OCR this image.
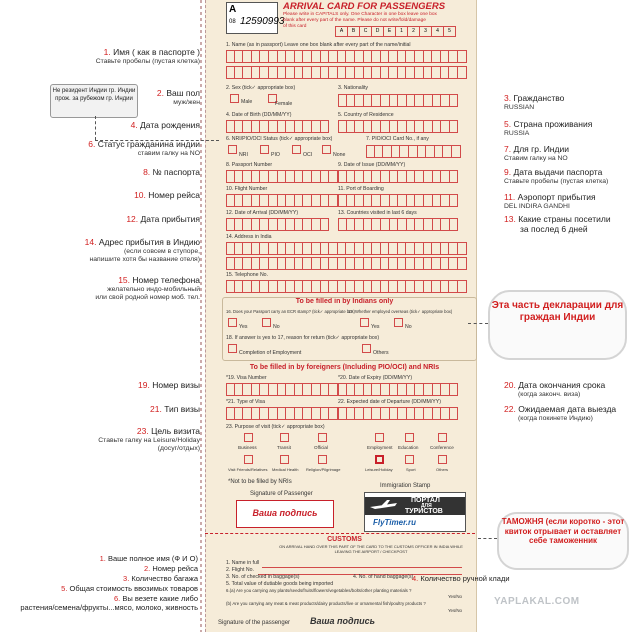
A
08 12590993
ARRIVAL CARD FOR PASSENGERS
Please write in CAPITALS only. One Character in one box leave one box
blank after every part of the name. Please do not write/fold/damage
of this card
A	B	C	D	E	1	2	3	4	5
1. Name (as in passport) Leave one box blank after every part of the name/initial
2. Sex (tick✓ appropriate box)
Male	Female
3. Nationality
4. Date of Birth (DD/MM/YY)	5. Country of Residence
6. NRI/PIO/OCI Status (tick✓ appropriate box)
NRI	PIO	OCI	None
7. PIO/OCI Card No., if any
8. Passport Number	9. Date of Issue (DD/MM/YY)
10. Flight Number	11. Port of Boarding
12. Date of Arrival (DD/MM/YY)	13. Countries visited in last 6 days
14. Address in India
15. Telephone No.
To be filled in by Indians only
16. Does your Passport carry an ECR stamp? (tick✓ appropriate box)
17. Whether employed overseas (tick✓ appropriate box)
Yes	No	Yes	No
18. If answer is yes to 17, reason for return (tick✓ appropriate box)
Completion of Employment	Others
To be filled in by foreigners (Including PIO/OCI) and NRIs
*19. Visa Number	*20. Date of Expiry (DD/MM/YY)
*21. Type of Visa	22. Expected date of Departure (DD/MM/YY)
23. Purpose of visit (tick✓ appropriate box)
Business	Transit	Official	Employment Education	Conference
Visit Friends/Relatives Medical Health Religion/Pilgrimage	Leisure/Holiday	Sport	Others
*Not to be filled by NRIs
Signature of Passenger
Immigration Stamp
Ваша подпись
ПОРТАЛ
ДЛЯ
ТУРИСТОВ
FlyTimer.ru
CUSTOMS
ON ARRIVAL HAND OVER THIS PART OF THE CARD TO THE CUSTOMS OFFICER IN INDIA WHILE LEAVING THE AIRPORT / CHECKPOST
1. Name in full
2. Flight No.
3. No. of checked in baggage(s)	4. No. of hand baggage(s)
5. Total value of dutiable goods being imported
6.(a) Are you carrying any plants/seeds/fruits/flowers/vegetables/bolts/other planting materials ?
Yes/No
(b) Are you carrying any meat & meat products/dairy products/live or ornamental fish/poultry products ?
Yes/No
Signature of the passenger Ваша подпись
1. Имя ( как в паспорте )
Ставьте пробелы (пустая клетка)
Не резидент Индии гр. Индии прож. за рубежом гр. Индии
2. Ваш пол
муж/жен
4. Дата рождения
6. Статус гражданина индии
ставим галку на NO
8. № паспорта
10. Номер рейса
12. Дата прибытия
14. Адрес прибытия в Индию
(если совсем в ступоре,
напишите хотя бы название отеля)
15. Номер телефона
желательно индо-мобильный
или свой родной номер моб. тел.
19. Номер визы
21. Тип визы
23. Цель визита
Ставьте галку на Leisure/Holiday
(досуг/отдых)
3. Гражданство
RUSSIAN
5. Страна проживания
RUSSIA
7. Для гр. Индии
Ставим галку на NO
9. Дата выдачи паспорта
Ставьте пробелы (пустая клетка)
11. Аэропорт прибытия
DEL INDIRA GANDHI
13. Какие страны посетили
за послед 6 дней
Эта часть декларации для граждан Индии
20. Дата окончания срока
(когда законч. виза)
22. Ожидаемая дата выезда
(когда покинете Индию)
ТАМОЖНЯ (если коротко - этот квиток отрывает и оставляет себе таможенник
1. Ваше полное имя (Ф И О)
2. Номер рейса
3. Количество багажа	4. Количество ручной клади
5. Общая стоимость ввозимых товаров
6. Вы везете какие либо
растения/семена/фрукты...мясо, молоко, живность
YAPLAKAL.COM
